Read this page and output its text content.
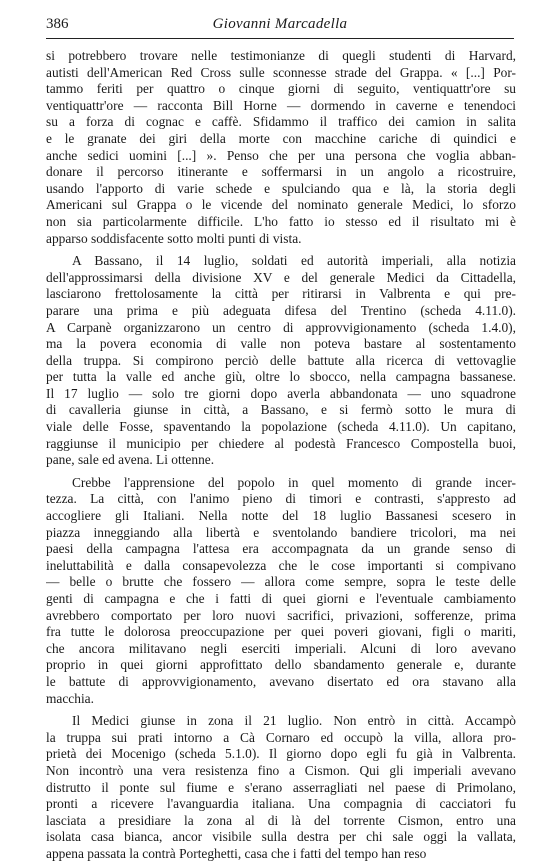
386	Giovanni Marcadella
si potrebbero trovare nelle testimonianze di quegli studenti di Harvard,
autisti dell'American Red Cross sulle sconnesse strade del Grappa. « [...] Por-
tammo feriti per quattro o cinque giorni di seguito, ventiquattr'ore su
ventiquattr'ore — racconta Bill Horne — dormendo in caverne e tenendoci
su a forza di cognac e caffè. Sfidammo il traffico dei camion in salita
e le granate dei giri della morte con macchine cariche di quindici e
anche sedici uomini [...] ». Penso che per una persona che voglia abban-
donare il percorso itinerante e soffermarsi in un angolo a ricostruire,
usando l'apporto di varie schede e spulciando qua e là, la storia degli
Americani sul Grappa o le vicende del nominato generale Medici, lo sforzo
non sia particolarmente difficile. L'ho fatto io stesso ed il risultato mi è
apparso soddisfacente sotto molti punti di vista.
A Bassano, il 14 luglio, soldati ed autorità imperiali, alla notizia
dell'approssimarsi della divisione XV e del generale Medici da Cittadella,
lasciarono frettolosamente la città per ritirarsi in Valbrenta e qui pre-
parare una prima e più adeguata difesa del Trentino (scheda 4.11.0).
A Carpanè organizzarono un centro di approvvigionamento (scheda 1.4.0),
ma la povera economia di valle non poteva bastare al sostentamento
della truppa. Si compirono perciò delle battute alla ricerca di vettovaglie
per tutta la valle ed anche giù, oltre lo sbocco, nella campagna bassanese.
Il 17 luglio — solo tre giorni dopo averla abbandonata — uno squadrone
di cavalleria giunse in città, a Bassano, e si fermò sotto le mura di
viale delle Fosse, spaventando la popolazione (scheda 4.11.0). Un capitano,
raggiunse il municipio per chiedere al podestà Francesco Compostella buoi,
pane, sale ed avena. Li ottenne.
Crebbe l'apprensione del popolo in quel momento di grande incer-
tezza. La città, con l'animo pieno di timori e contrasti, s'appresto ad
accogliere gli Italiani. Nella notte del 18 luglio Bassanesi scesero in
piazza inneggiando alla libertà e sventolando bandiere tricolori, ma nei
paesi della campagna l'attesa era accompagnata da un grande senso di
ineluttabilità e dalla consapevolezza che le cose importanti si compivano
— belle o brutte che fossero — allora come sempre, sopra le teste delle
genti di campagna e che i fatti di quei giorni e l'eventuale cambiamento
avrebbero comportato per loro nuovi sacrifici, privazioni, sofferenze, prima
fra tutte le dolorosa preoccupazione per quei poveri giovani, figli o mariti,
che ancora militavano negli eserciti imperiali. Alcuni di loro avevano
proprio in quei giorni approfittato dello sbandamento generale e, durante
le battute di approvvigionamento, avevano disertato ed ora stavano alla
macchia.
Il Medici giunse in zona il 21 luglio. Non entrò in città. Accampò
la truppa sui prati intorno a Cà Cornaro ed occupò la villa, allora pro-
prietà dei Mocenigo (scheda 5.1.0). Il giorno dopo egli fu già in Valbrenta.
Non incontrò una vera resistenza fino a Cismon. Qui gli imperiali avevano
distrutto il ponte sul fiume e s'erano asserragliati nel paese di Primolano,
pronti a ricevere l'avanguardia italiana. Una compagnia di cacciatori fu
lasciata a presidiare la zona al di là del torrente Cismon, entro una
isolata casa bianca, ancor visibile sulla destra per chi sale oggi la vallata,
appena passata la contrà Porteghetti, casa che i fatti del tempo han reso
